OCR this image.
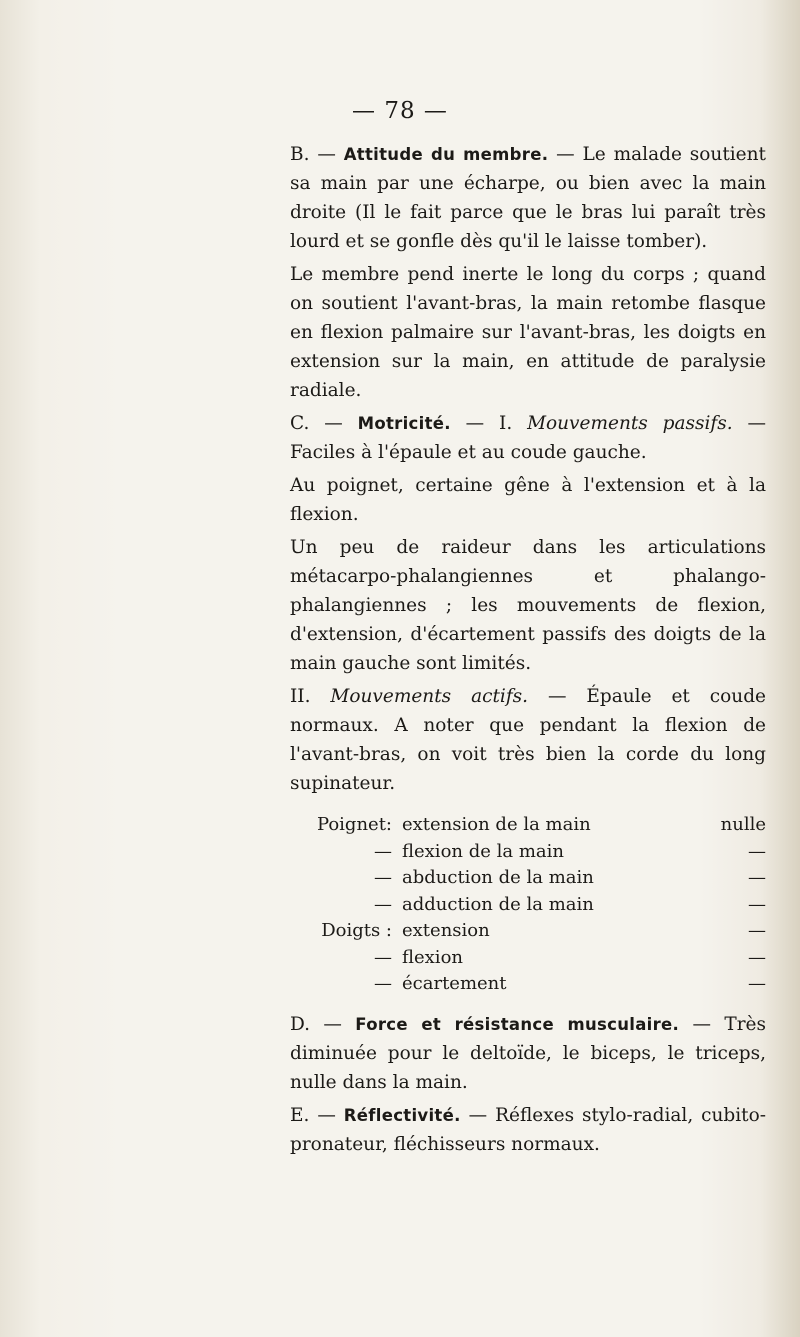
— 78 —

B. — Attitude du membre. — Le malade soutient sa main par une écharpe, ou bien avec la main droite (Il le fait parce que le bras lui paraît très lourd et se gonfle dès qu'il le laisse tomber).

Le membre pend inerte le long du corps ; quand on soutient l'avant-bras, la main retombe flasque en flexion palmaire sur l'avant-bras, les doigts en extension sur la main, en attitude de paralysie radiale.

C. — Motricité. — I. Mouvements passifs. — Faciles à l'épaule et au coude gauche.

Au poignet, certaine gêne à l'extension et à la flexion.

Un peu de raideur dans les articulations métacarpo-phalangiennes et phalango-phalangiennes ; les mouvements de flexion, d'extension, d'écartement passifs des doigts de la main gauche sont limités.

II. Mouvements actifs. — Épaule et coude normaux. A noter que pendant la flexion de l'avant-bras, on voit très bien la corde du long supinateur.

Poignet: extension de la main	nulle
— flexion de la main	—
— abduction de la main	—
— adduction de la main	—
Doigts : extension	—
— flexion	—
— écartement	—

D. — Force et résistance musculaire. — Très diminuée pour le deltoïde, le biceps, le triceps, nulle dans la main.

E. — Réflectivité. — Réflexes stylo-radial, cubito-pronateur, fléchisseurs normaux.
